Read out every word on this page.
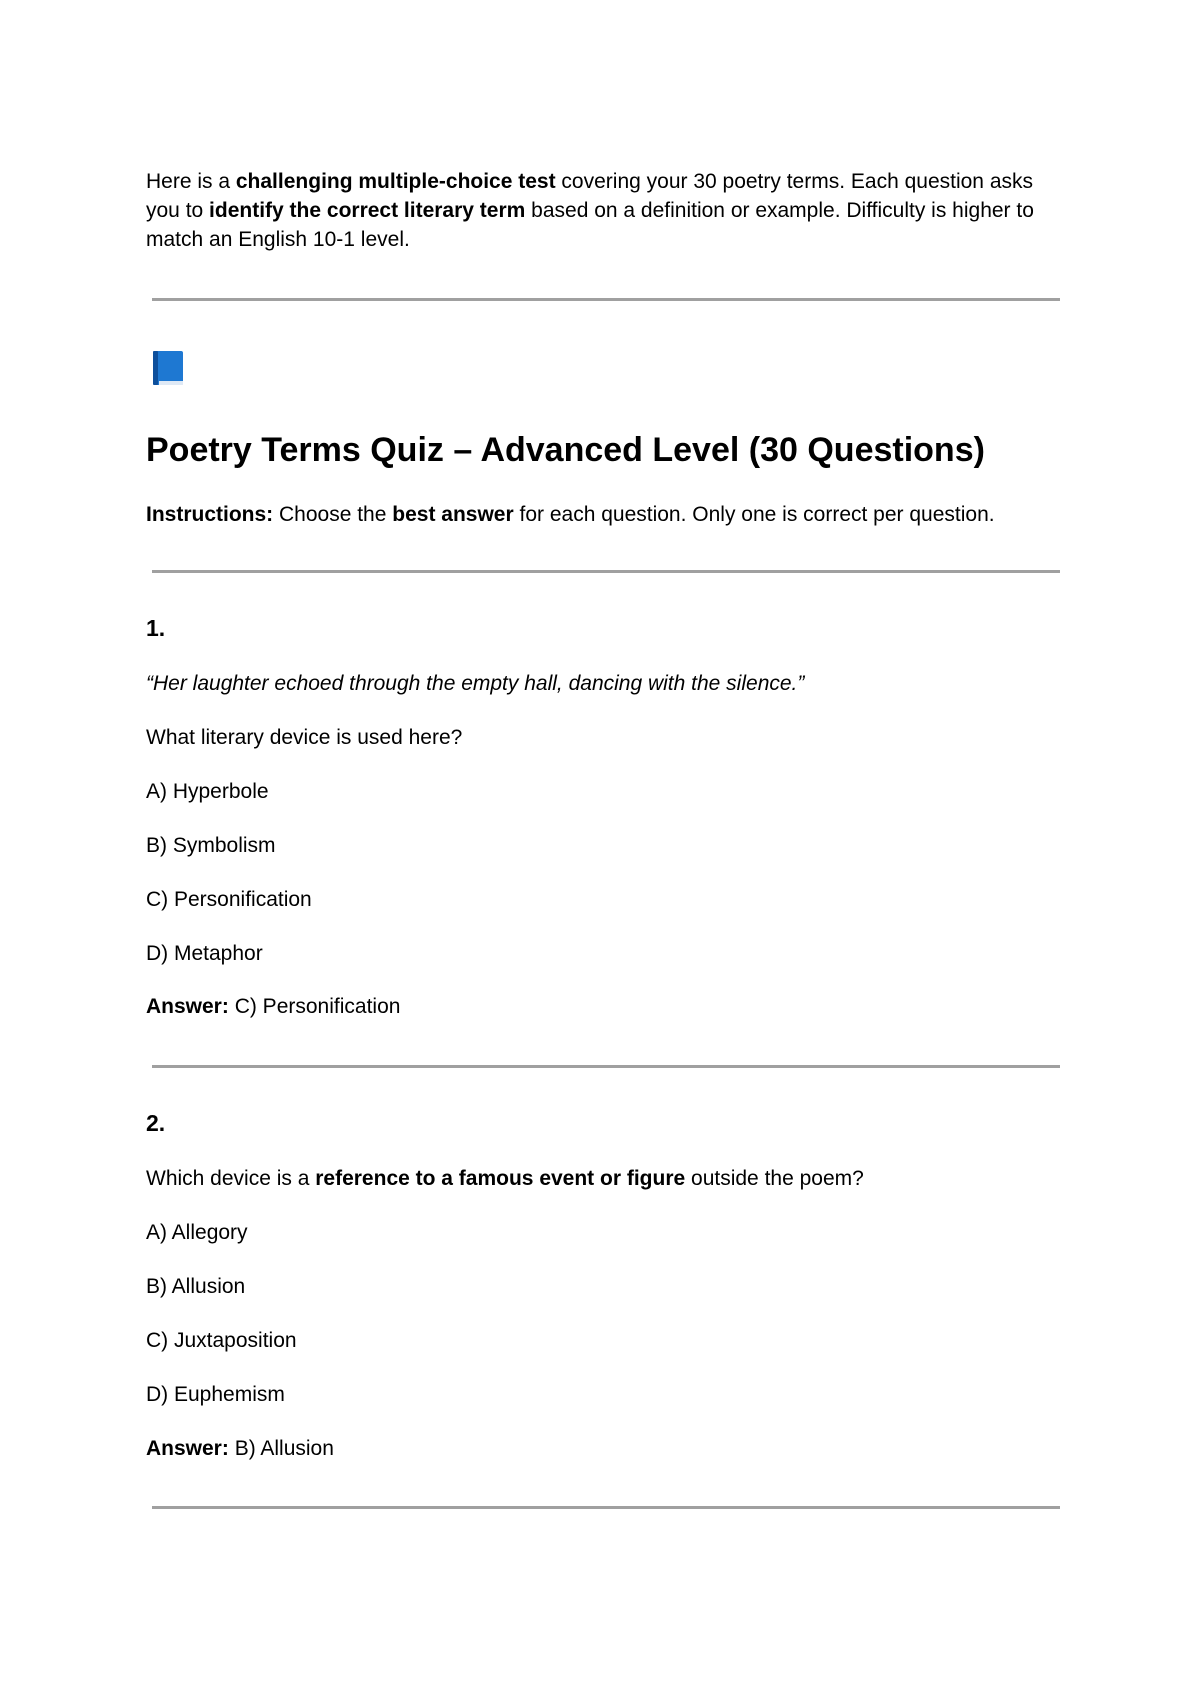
Here is a challenging multiple-choice test covering your 30 poetry terms. Each question asks you to identify the correct literary term based on a definition or example. Difficulty is higher to match an English 10-1 level.

Poetry Terms Quiz – Advanced Level (30 Questions)
Instructions: Choose the best answer for each question. Only one is correct per question.
1.
“Her laughter echoed through the empty hall, dancing with the silence.”
What literary device is used here?
A) Hyperbole
B) Symbolism
C) Personification
D) Metaphor
Answer: C) Personification
2.
Which device is a reference to a famous event or figure outside the poem?
A) Allegory
B) Allusion
C) Juxtaposition
D) Euphemism
Answer: B) Allusion
